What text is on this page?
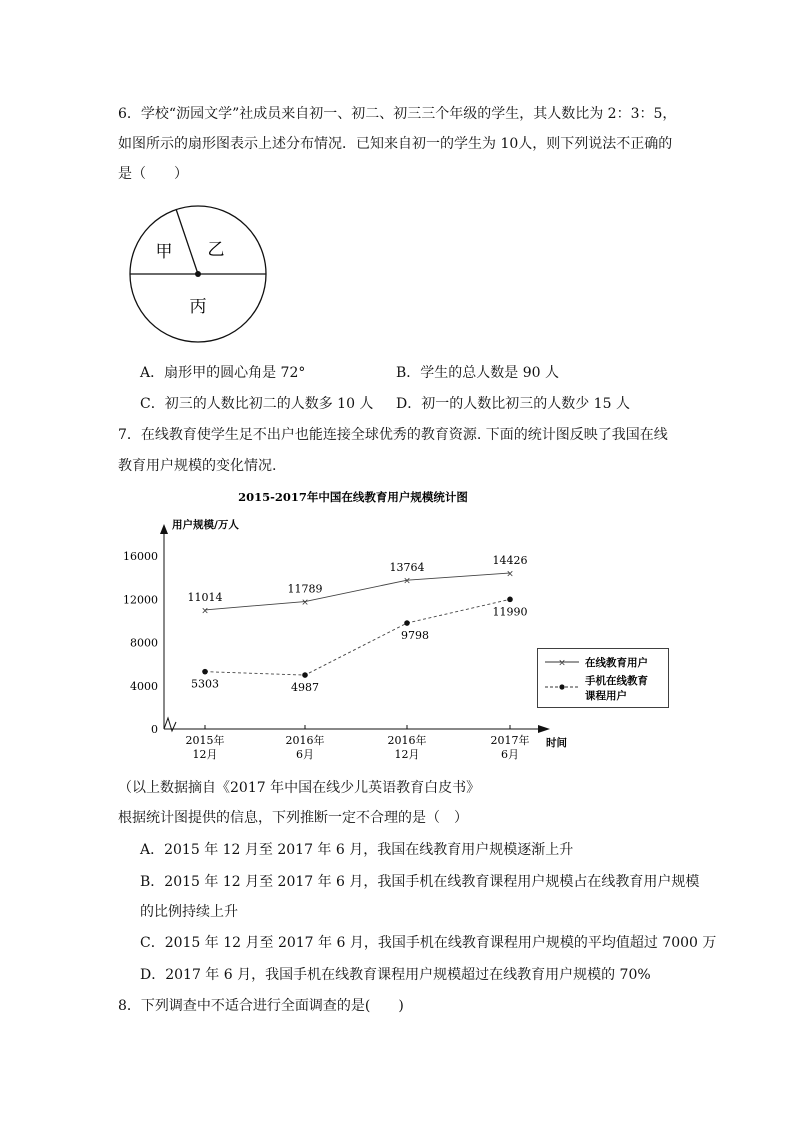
6．学校“沥园文学”社成员来自初一、初二、初三三个年级的学生，其人数比为 2：3：5，
如图所示的扇形图表示上述分布情况．已知来自初一的学生为 10人，则下列说法不正确的
是（　　）
甲 乙
丙
A．扇形甲的圆心角是 72°	B．学生的总人数是 90 人
C．初三的人数比初二的人数多 10 人 D．初一的人数比初三的人数少 15 人
7．在线教育使学生足不出户也能连接全球优秀的教育资源. 下面的统计图反映了我国在线
教育用户规模的变化情况.
2015-2017年中国在线教育用户规模统计图
用户规模/万人
时间
0
4000
8000
12000
16000
2015年
12月
2016年
6月
2016年
12月
2017年
6月
×
11014	×
11789
×
13764
×
14426
5303	4987
9798
11990
× 在线教育用户
手机在线教育
课程用户
（以上数据摘自《2017 年中国在线少儿英语教育白皮书》
根据统计图提供的信息，下列推断一定不合理的是（　）
A．2015 年 12 月至 2017 年 6 月，我国在线教育用户规模逐渐上升
B．2015 年 12 月至 2017 年 6 月，我国手机在线教育课程用户规模占在线教育用户规模
的比例持续上升
C．2015 年 12 月至 2017 年 6 月，我国手机在线教育课程用户规模的平均值超过 7000 万
D．2017 年 6 月，我国手机在线教育课程用户规模超过在线教育用户规模的 70%
8．下列调查中不适合进行全面调查的是(　　)
